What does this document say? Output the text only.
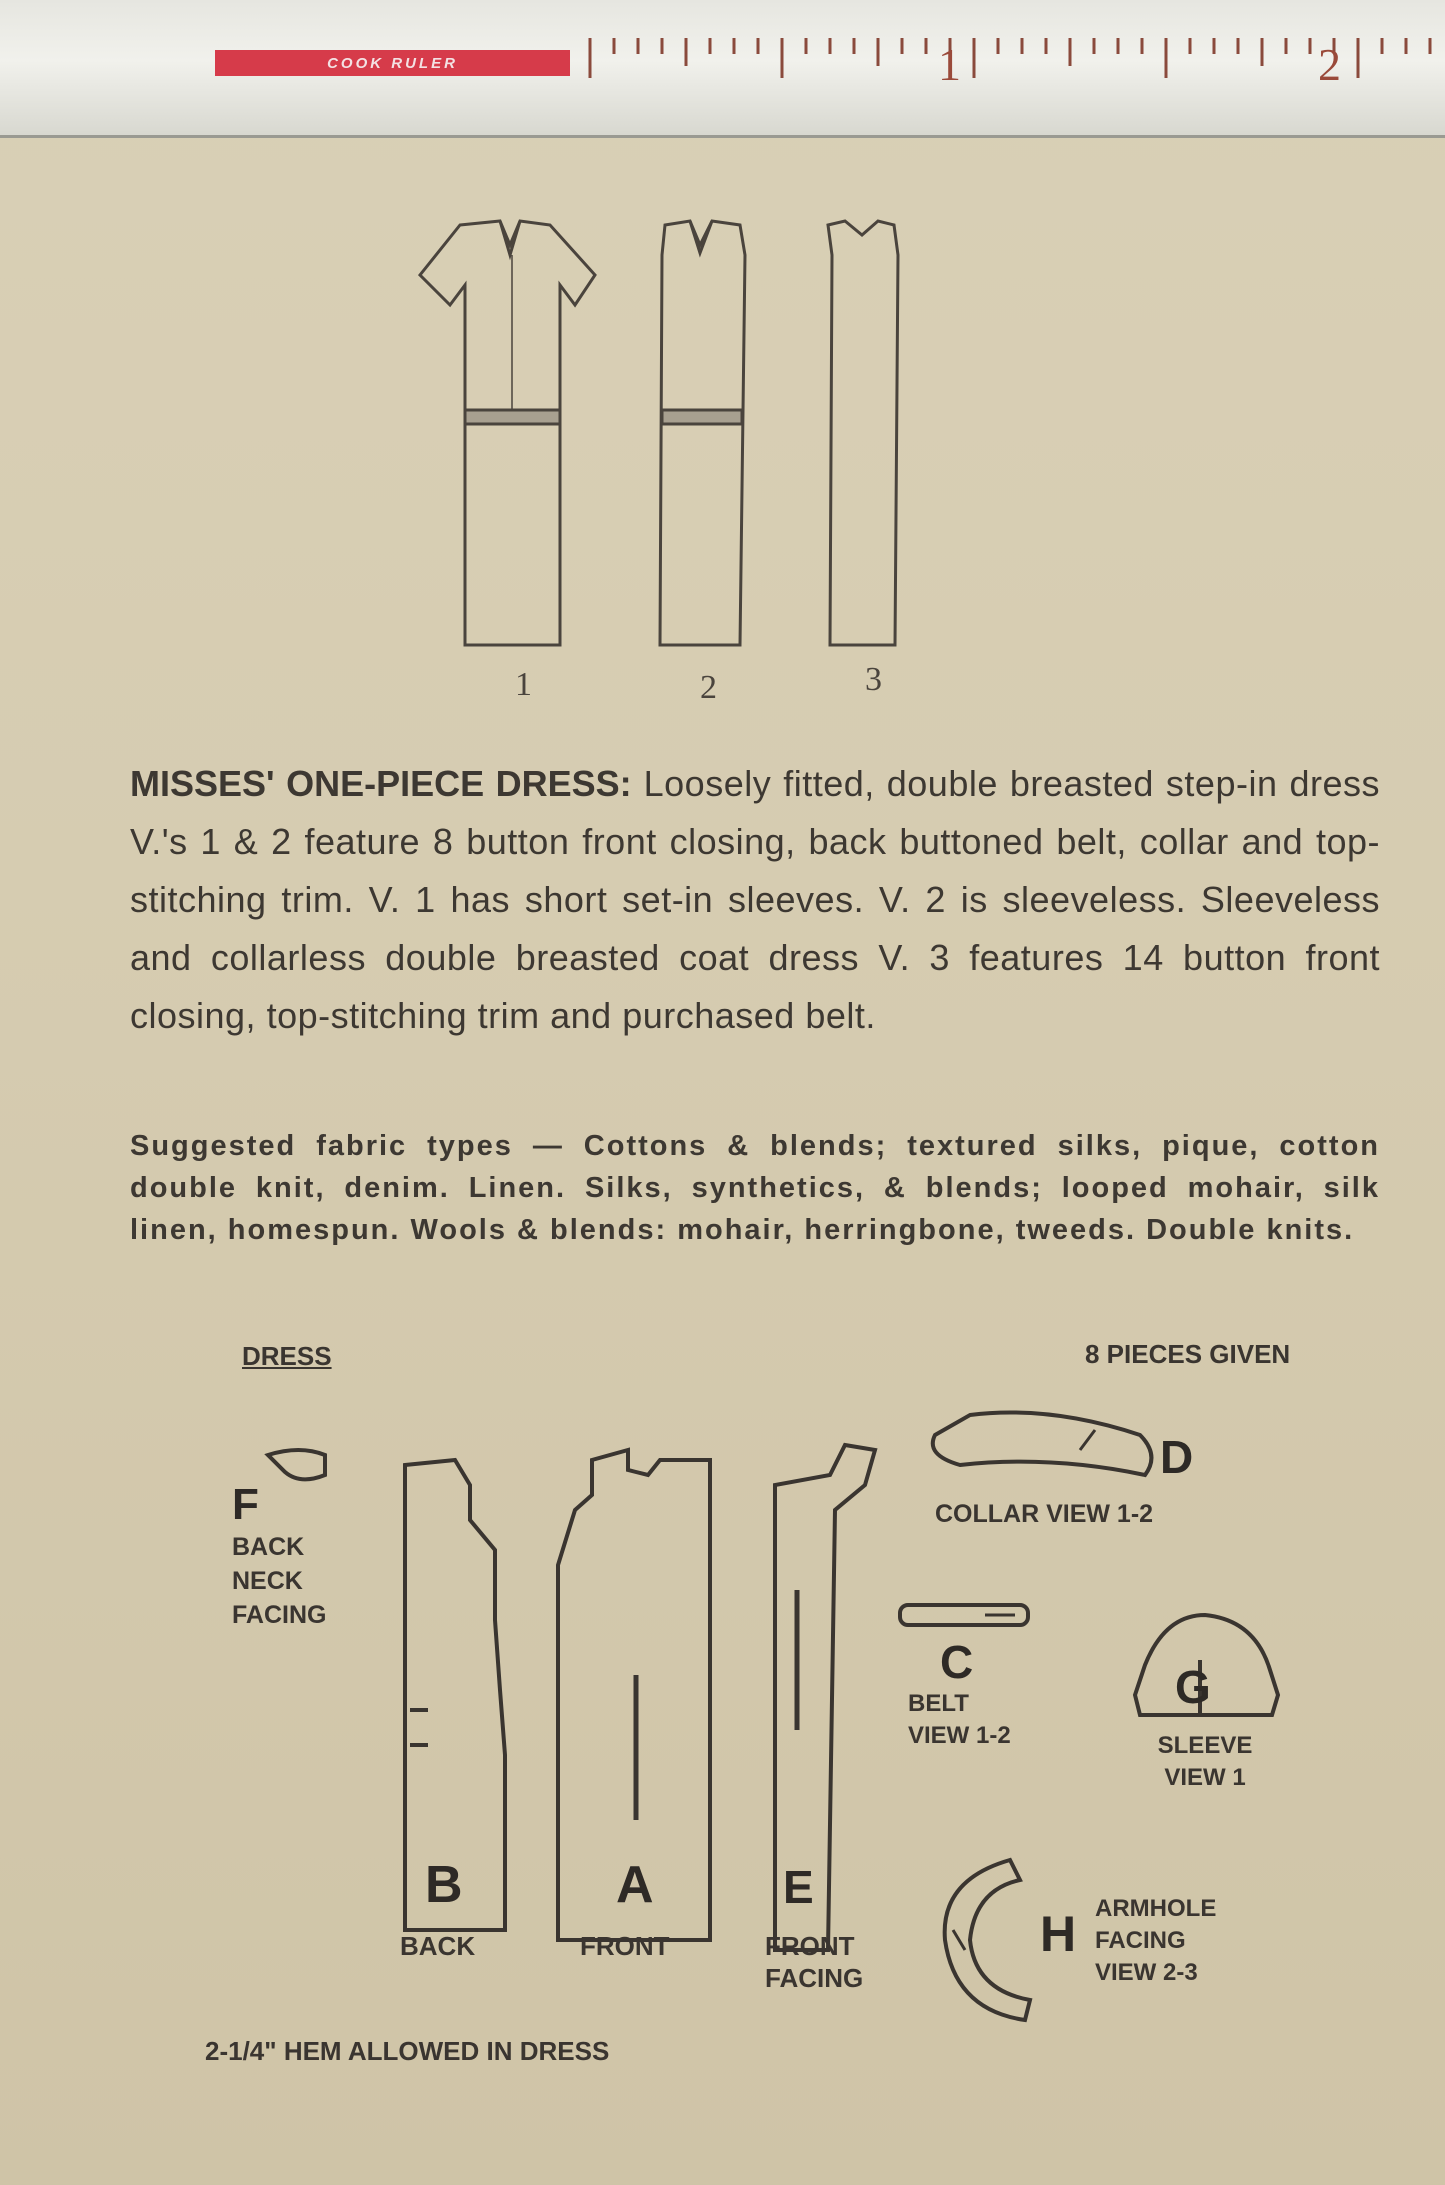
COOK RULER	1	2
1	2	3
MISSES' ONE-PIECE DRESS: Loosely fitted, double breasted step-in dress V.'s 1 & 2 feature 8 button front closing, back buttoned belt, collar and top-stitching trim. V. 1 has short set-in sleeves. V. 2 is sleeveless. Sleeveless and collarless double breasted coat dress V. 3 features 14 button front closing, top-stitching trim and purchased belt.
Suggested fabric types — Cottons & blends; textured silks, pique, cotton double knit, denim. Linen. Silks, synthetics, & blends; looped mohair, silk linen, homespun. Wools & blends: mohair, herringbone, tweeds. Double knits.
DRESS	8 PIECES GIVEN
F
BACK NECK FACING
B
BACK
A
FRONT
E
FRONT FACING
D
COLLAR VIEW 1-2
C
BELT VIEW 1-2
G
SLEEVE VIEW 1
H ARMHOLE FACING VIEW 2-3
2-1/4" HEM ALLOWED IN DRESS
